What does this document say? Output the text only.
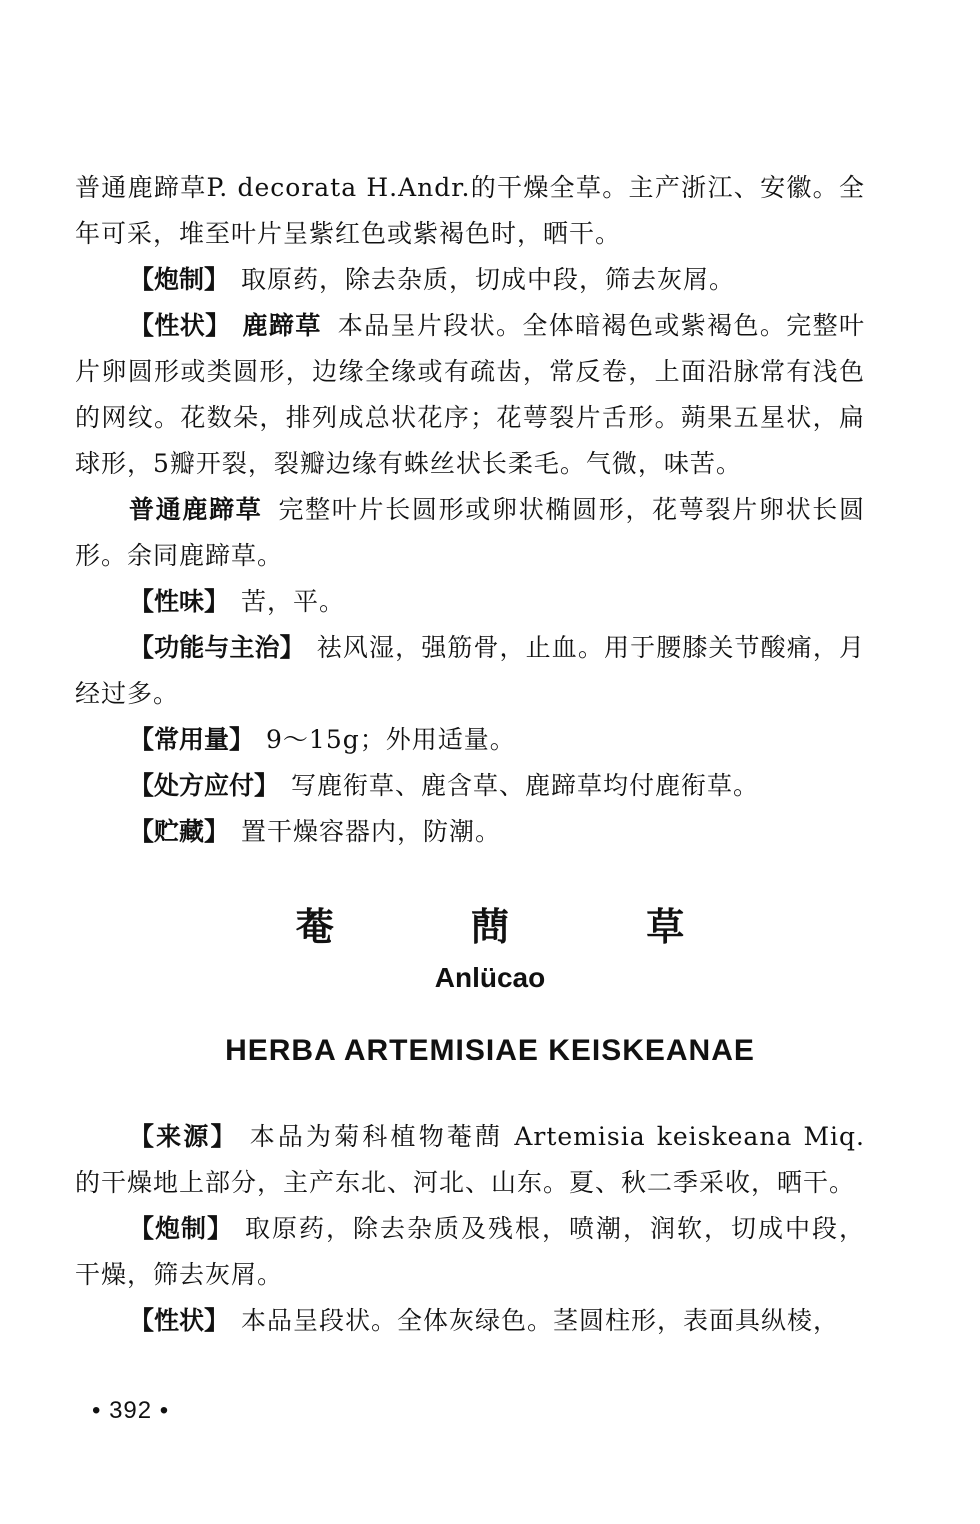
普通鹿蹄草P. decorata H.Andr.的干燥全草。主产浙江、安徽。全年可采，堆至叶片呈紫红色或紫褐色时，晒干。

【炮制】 取原药，除去杂质，切成中段，筛去灰屑。

【性状】 鹿蹄草 本品呈片段状。全体暗褐色或紫褐色。完整叶片卵圆形或类圆形，边缘全缘或有疏齿，常反卷，上面沿脉常有浅色的网纹。花数朵，排列成总状花序；花萼裂片舌形。蒴果五星状，扁球形，5瓣开裂，裂瓣边缘有蛛丝状长柔毛。气微，味苦。

普通鹿蹄草 完整叶片长圆形或卵状椭圆形，花萼裂片卵状长圆形。余同鹿蹄草。

【性味】 苦，平。

【功能与主治】 祛风湿，强筋骨，止血。用于腰膝关节酸痛，月经过多。

【常用量】 9～15g；外用适量。

【处方应付】 写鹿衔草、鹿含草、鹿蹄草均付鹿衔草。

【贮藏】 置干燥容器内，防潮。

菴 蔄 草
Anlücao
HERBA ARTEMISIAE KEISKEANAE

【来源】 本品为菊科植物菴蔄 Artemisia keiskeana Miq. 的干燥地上部分，主产东北、河北、山东。夏、秋二季采收，晒干。

【炮制】 取原药，除去杂质及残根，喷潮，润软，切成中段，干燥，筛去灰屑。

【性状】 本品呈段状。全体灰绿色。茎圆柱形，表面具纵棱，

• 392 •
